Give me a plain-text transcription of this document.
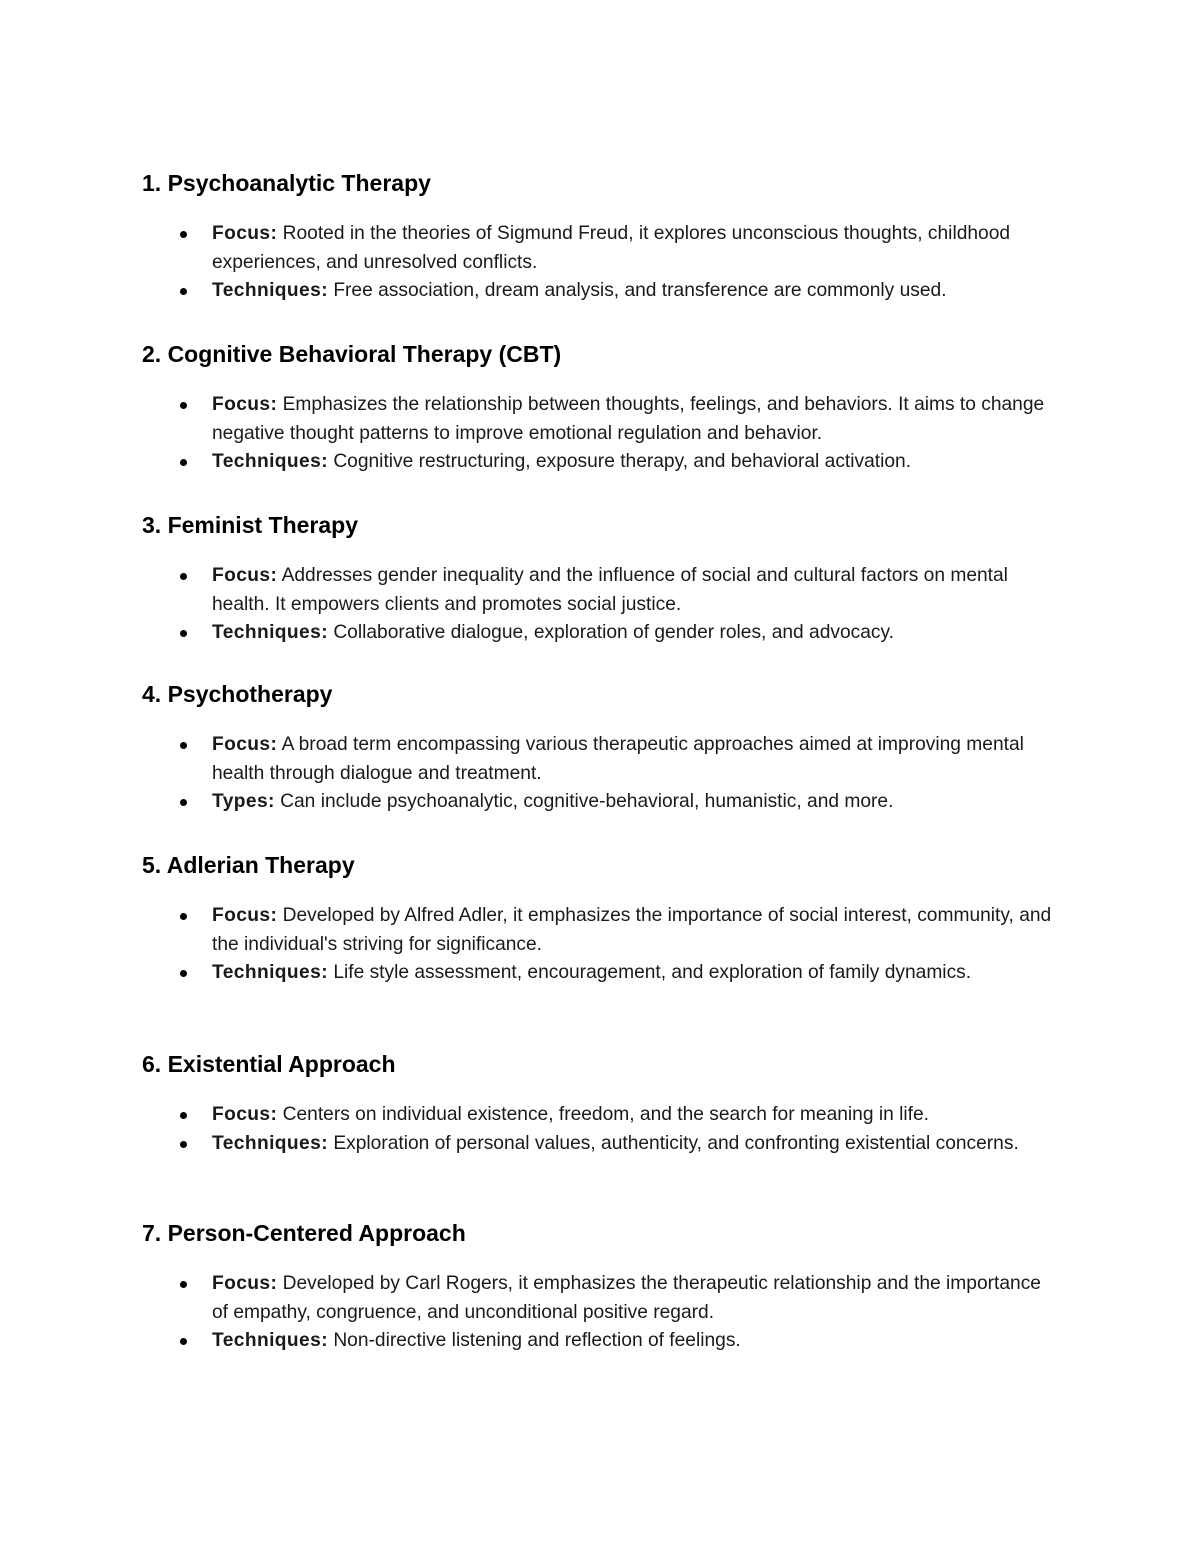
1. Psychoanalytic Therapy
Focus: Rooted in the theories of Sigmund Freud, it explores unconscious thoughts, childhood experiences, and unresolved conflicts.
Techniques: Free association, dream analysis, and transference are commonly used.
2. Cognitive Behavioral Therapy (CBT)
Focus: Emphasizes the relationship between thoughts, feelings, and behaviors. It aims to change negative thought patterns to improve emotional regulation and behavior.
Techniques: Cognitive restructuring, exposure therapy, and behavioral activation.
3. Feminist Therapy
Focus: Addresses gender inequality and the influence of social and cultural factors on mental health. It empowers clients and promotes social justice.
Techniques: Collaborative dialogue, exploration of gender roles, and advocacy.
4. Psychotherapy
Focus: A broad term encompassing various therapeutic approaches aimed at improving mental health through dialogue and treatment.
Types: Can include psychoanalytic, cognitive-behavioral, humanistic, and more.
5. Adlerian Therapy
Focus: Developed by Alfred Adler, it emphasizes the importance of social interest, community, and the individual's striving for significance.
Techniques: Life style assessment, encouragement, and exploration of family dynamics.
6. Existential Approach
Focus: Centers on individual existence, freedom, and the search for meaning in life.
Techniques: Exploration of personal values, authenticity, and confronting existential concerns.
7. Person-Centered Approach
Focus: Developed by Carl Rogers, it emphasizes the therapeutic relationship and the importance of empathy, congruence, and unconditional positive regard.
Techniques: Non-directive listening and reflection of feelings.
